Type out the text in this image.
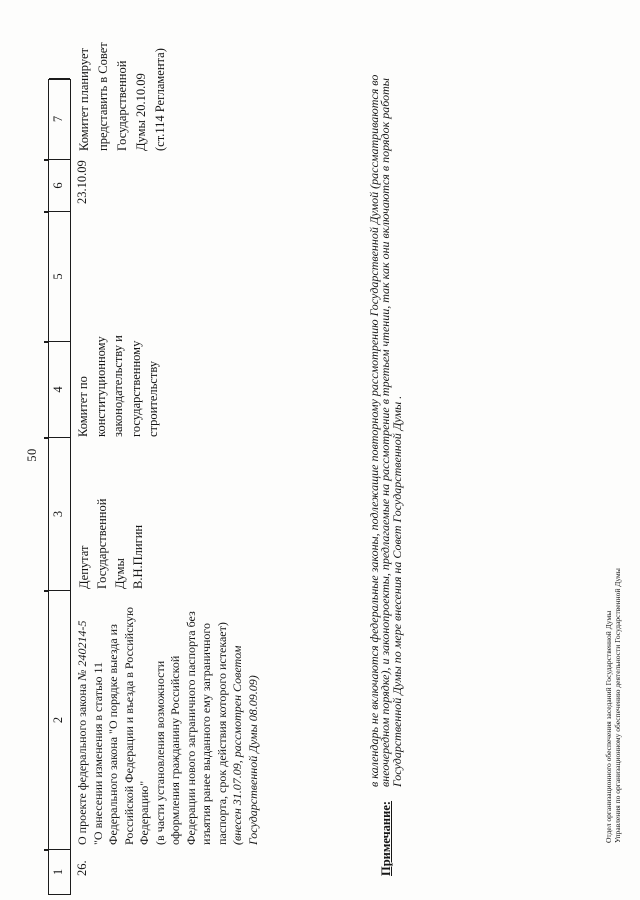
50
1
2
3
4
5
6
7
26.
О проекте федерального закона № 240214-5
"О внесении изменения в статью 11 Федерального закона "О порядке выезда из Российской Федерации и въезда в Российскую Федерацию" (в части установления возможности оформления гражданину Российской Федерации нового заграничного паспорта без изъятия ранее выданного ему заграничного паспорта, срок действия которого истекает) (внесен 31.07.09, рассмотрен Советом Государственной Думы 08.09.09)
Депутат Государственной Думы В.Н.Плигин
Комитет по конституционному законодательству и государственному строительству
23.10.09
Комитет планирует представить в Совет Государственной Думы 20.10.09 (ст.114 Регламента)
Примечание:
в календарь не включаются федеральные законы, подлежащие повторному рассмотрению Государственной Думой (рассматриваются во
внеочередном порядке), и законопроекты, предлагаемые на рассмотрение в третьем чтении, так как они включаются в порядок работы
Государственной Думы по мере внесения на Совет Государственной Думы .	Отдел организационного обеспечения заседаний Государственной Думы Управления по организационному обеспечению деятельности Государственной Думы
